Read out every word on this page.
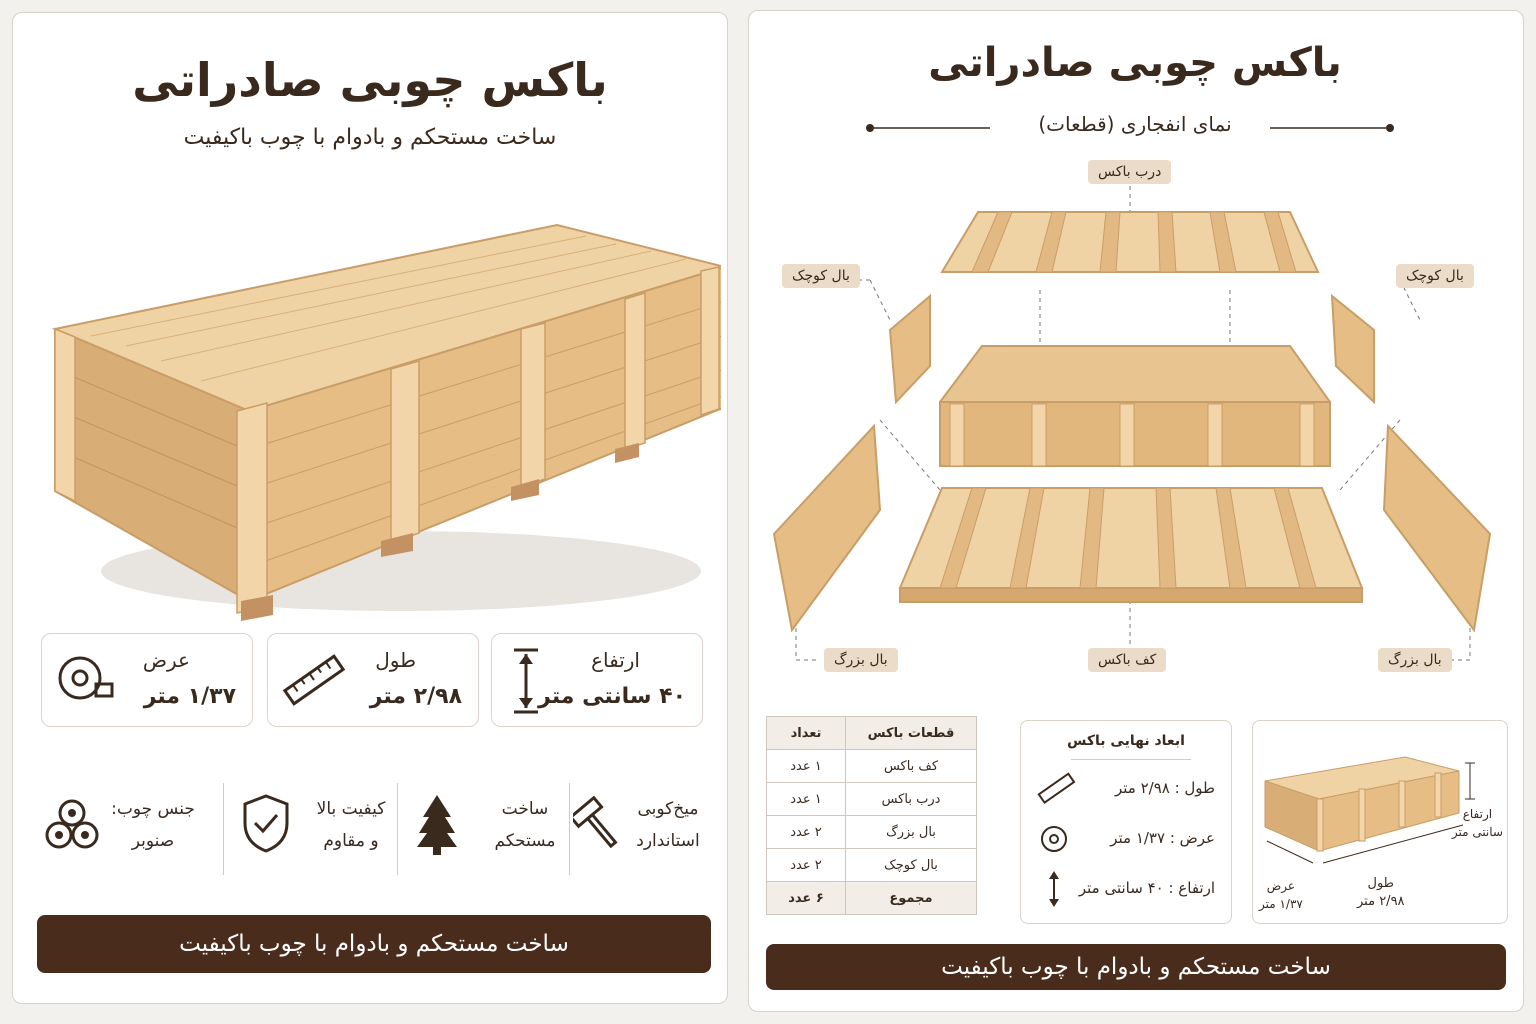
باکس چوبی صادراتی
ساخت مستحکم و بادوام با چوب باکیفیت
عرض
۱/۳۷ متر
طول
۲/۹۸ متر
ارتفاع
۴۰ سانتی متر
جنس چوب:
صنوبر
کیفیت بالا
و مقاوم
ساخت
مستحکم
میخ‌کوبی
استاندارد
ساخت مستحکم و بادوام با چوب باکیفیت
باکس چوبی صادراتی
نمای انفجاری (قطعات)
درب باکس
بال کوچک	بال کوچک
بال بزرگ	کف باکس	بال بزرگ
قطعات باکس	تعداد
کف باکس	۱ عدد
درب باکس	۱ عدد
بال بزرگ	۲ عدد
بال کوچک	۲ عدد
مجموع	۶ عدد
ابعاد نهایی باکس
طول : ۲/۹۸ متر
عرض : ۱/۳۷ متر
ارتفاع : ۴۰ سانتی متر
ارتفاع
سانتی متر
عرض
۱/۳۷ متر
طول
۲/۹۸ متر
ساخت مستحکم و بادوام با چوب باکیفیت
